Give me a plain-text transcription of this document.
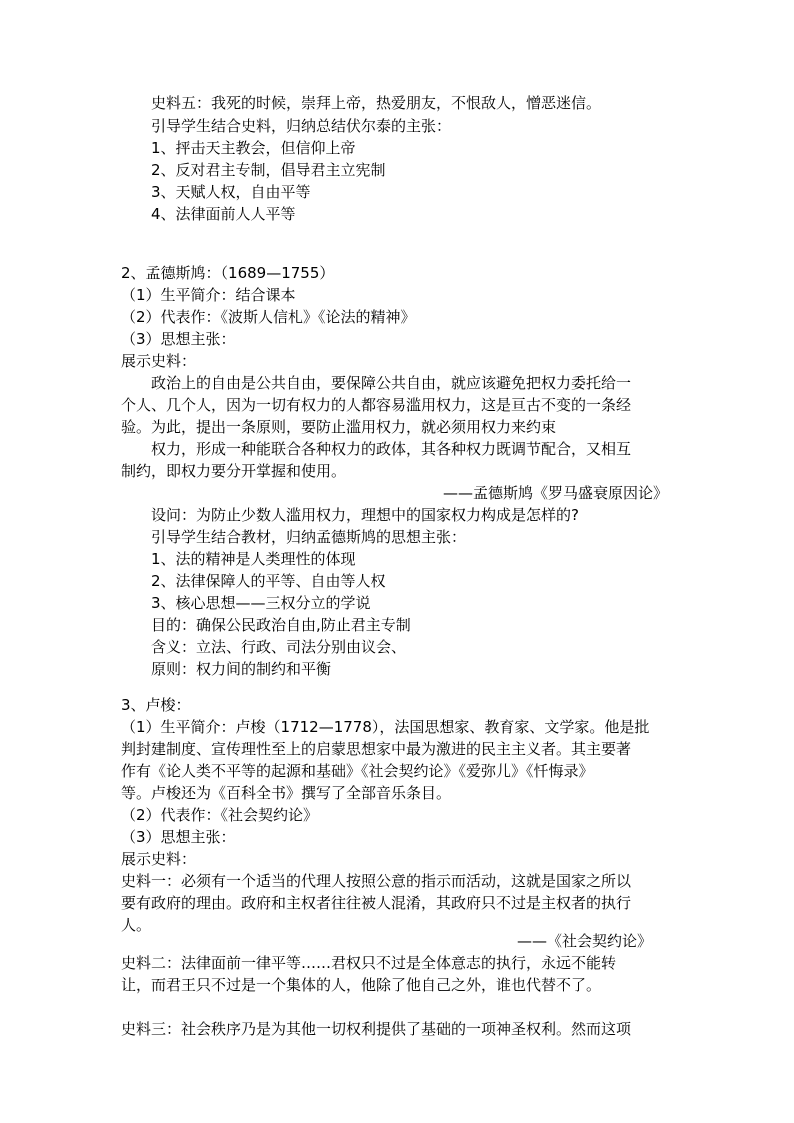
史料五：我死的时候，崇拜上帝，热爱朋友，不恨敌人，憎恶迷信。
引导学生结合史料，归纳总结伏尔泰的主张：
1、抨击天主教会，但信仰上帝
2、反对君主专制，倡导君主立宪制
3、天赋人权，自由平等
4、法律面前人人平等
2、孟德斯鸠：（1689—1755）
（1）生平简介：结合课本
（2）代表作：《波斯人信札》《论法的精神》
（3）思想主张：
展示史料：
政治上的自由是公共自由，要保障公共自由，就应该避免把权力委托给一
个人、几个人，因为一切有权力的人都容易滥用权力，这是亘古不变的一条经
验。为此，提出一条原则，要防止滥用权力，就必须用权力来约束
权力，形成一种能联合各种权力的政体，其各种权力既调节配合，又相互
制约，即权力要分开掌握和使用。
——孟德斯鸠《罗马盛衰原因论》
设问：为防止少数人滥用权力，理想中的国家权力构成是怎样的?
引导学生结合教材，归纳孟德斯鸠的思想主张：
1、法的精神是人类理性的体现
2、法律保障人的平等、自由等人权
3、核心思想——三权分立的学说
目的：确保公民政治自由,防止君主专制
含义：立法、行政、司法分别由议会、
原则：权力间的制约和平衡
3、卢梭：
（1）生平简介：卢梭（1712—1778），法国思想家、教育家、文学家。他是批
判封建制度、宣传理性至上的启蒙思想家中最为激进的民主主义者。其主要著
作有《论人类不平等的起源和基础》《社会契约论》《爱弥儿》《忏悔录》
等。卢梭还为《百科全书》撰写了全部音乐条目。
（2）代表作：《社会契约论》
（3）思想主张：
展示史料：
史料一：必须有一个适当的代理人按照公意的指示而活动，这就是国家之所以
要有政府的理由。政府和主权者往往被人混淆，其政府只不过是主权者的执行
人。
——《社会契约论》
史料二：法律面前一律平等……君权只不过是全体意志的执行，永远不能转
让，而君王只不过是一个集体的人，他除了他自己之外，谁也代替不了。
史料三：社会秩序乃是为其他一切权利提供了基础的一项神圣权利。然而这项
